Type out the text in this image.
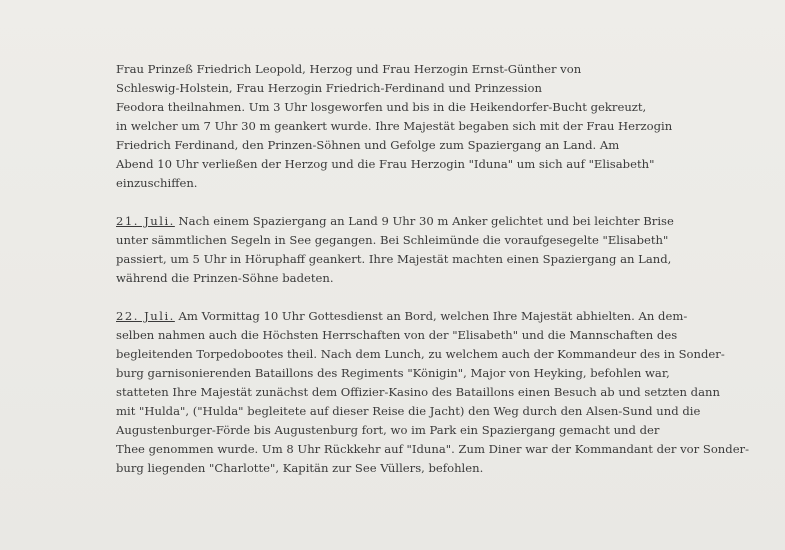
Frau Prinzeß Friedrich Leopold, Herzog und Frau Herzogin Ernst-Günther von
Schleswig-Holstein, Frau Herzogin Friedrich-Ferdinand und Prinzession
Feodora theilnahmen. Um 3 Uhr losgeworfen und bis in die Heikendorfer-Bucht gekreuzt,
in welcher um 7 Uhr 30 m geankert wurde. Ihre Majestät begaben sich mit der Frau Herzogin
Friedrich Ferdinand, den Prinzen-Söhnen und Gefolge zum Spaziergang an Land. Am
Abend 10 Uhr verließen der Herzog und die Frau Herzogin "Iduna" um sich auf "Elisabeth"
einzuschiffen.
21. Juli. Nach einem Spaziergang an Land 9 Uhr 30 m Anker gelichtet und bei leichter Brise
unter sämmtlichen Segeln in See gegangen. Bei Schleimünde die voraufgesegelte "Elisabeth"
passiert, um 5 Uhr in Höruphaff geankert. Ihre Majestät machten einen Spaziergang an Land,
während die Prinzen-Söhne badeten.
22. Juli. Am Vormittag 10 Uhr Gottesdienst an Bord, welchen Ihre Majestät abhielten. An dem-
selben nahmen auch die Höchsten Herrschaften von der "Elisabeth" und die Mannschaften des
begleitenden Torpedobootes theil. Nach dem Lunch, zu welchem auch der Kommandeur des in Sonder-
burg garnisonierenden Bataillons des Regiments "Königin", Major von Heyking, befohlen war,
statteten Ihre Majestät zunächst dem Offizier-Kasino des Bataillons einen Besuch ab und setzten dann
mit "Hulda", ("Hulda" begleitete auf dieser Reise die Jacht) den Weg durch den Alsen-Sund und die
Augustenburger-Förde bis Augustenburg fort, wo im Park ein Spaziergang gemacht und der
Thee genommen wurde. Um 8 Uhr Rückkehr auf "Iduna". Zum Diner war der Kommandant der vor Sonder-
burg liegenden "Charlotte", Kapitän zur See Vüllers, befohlen.
